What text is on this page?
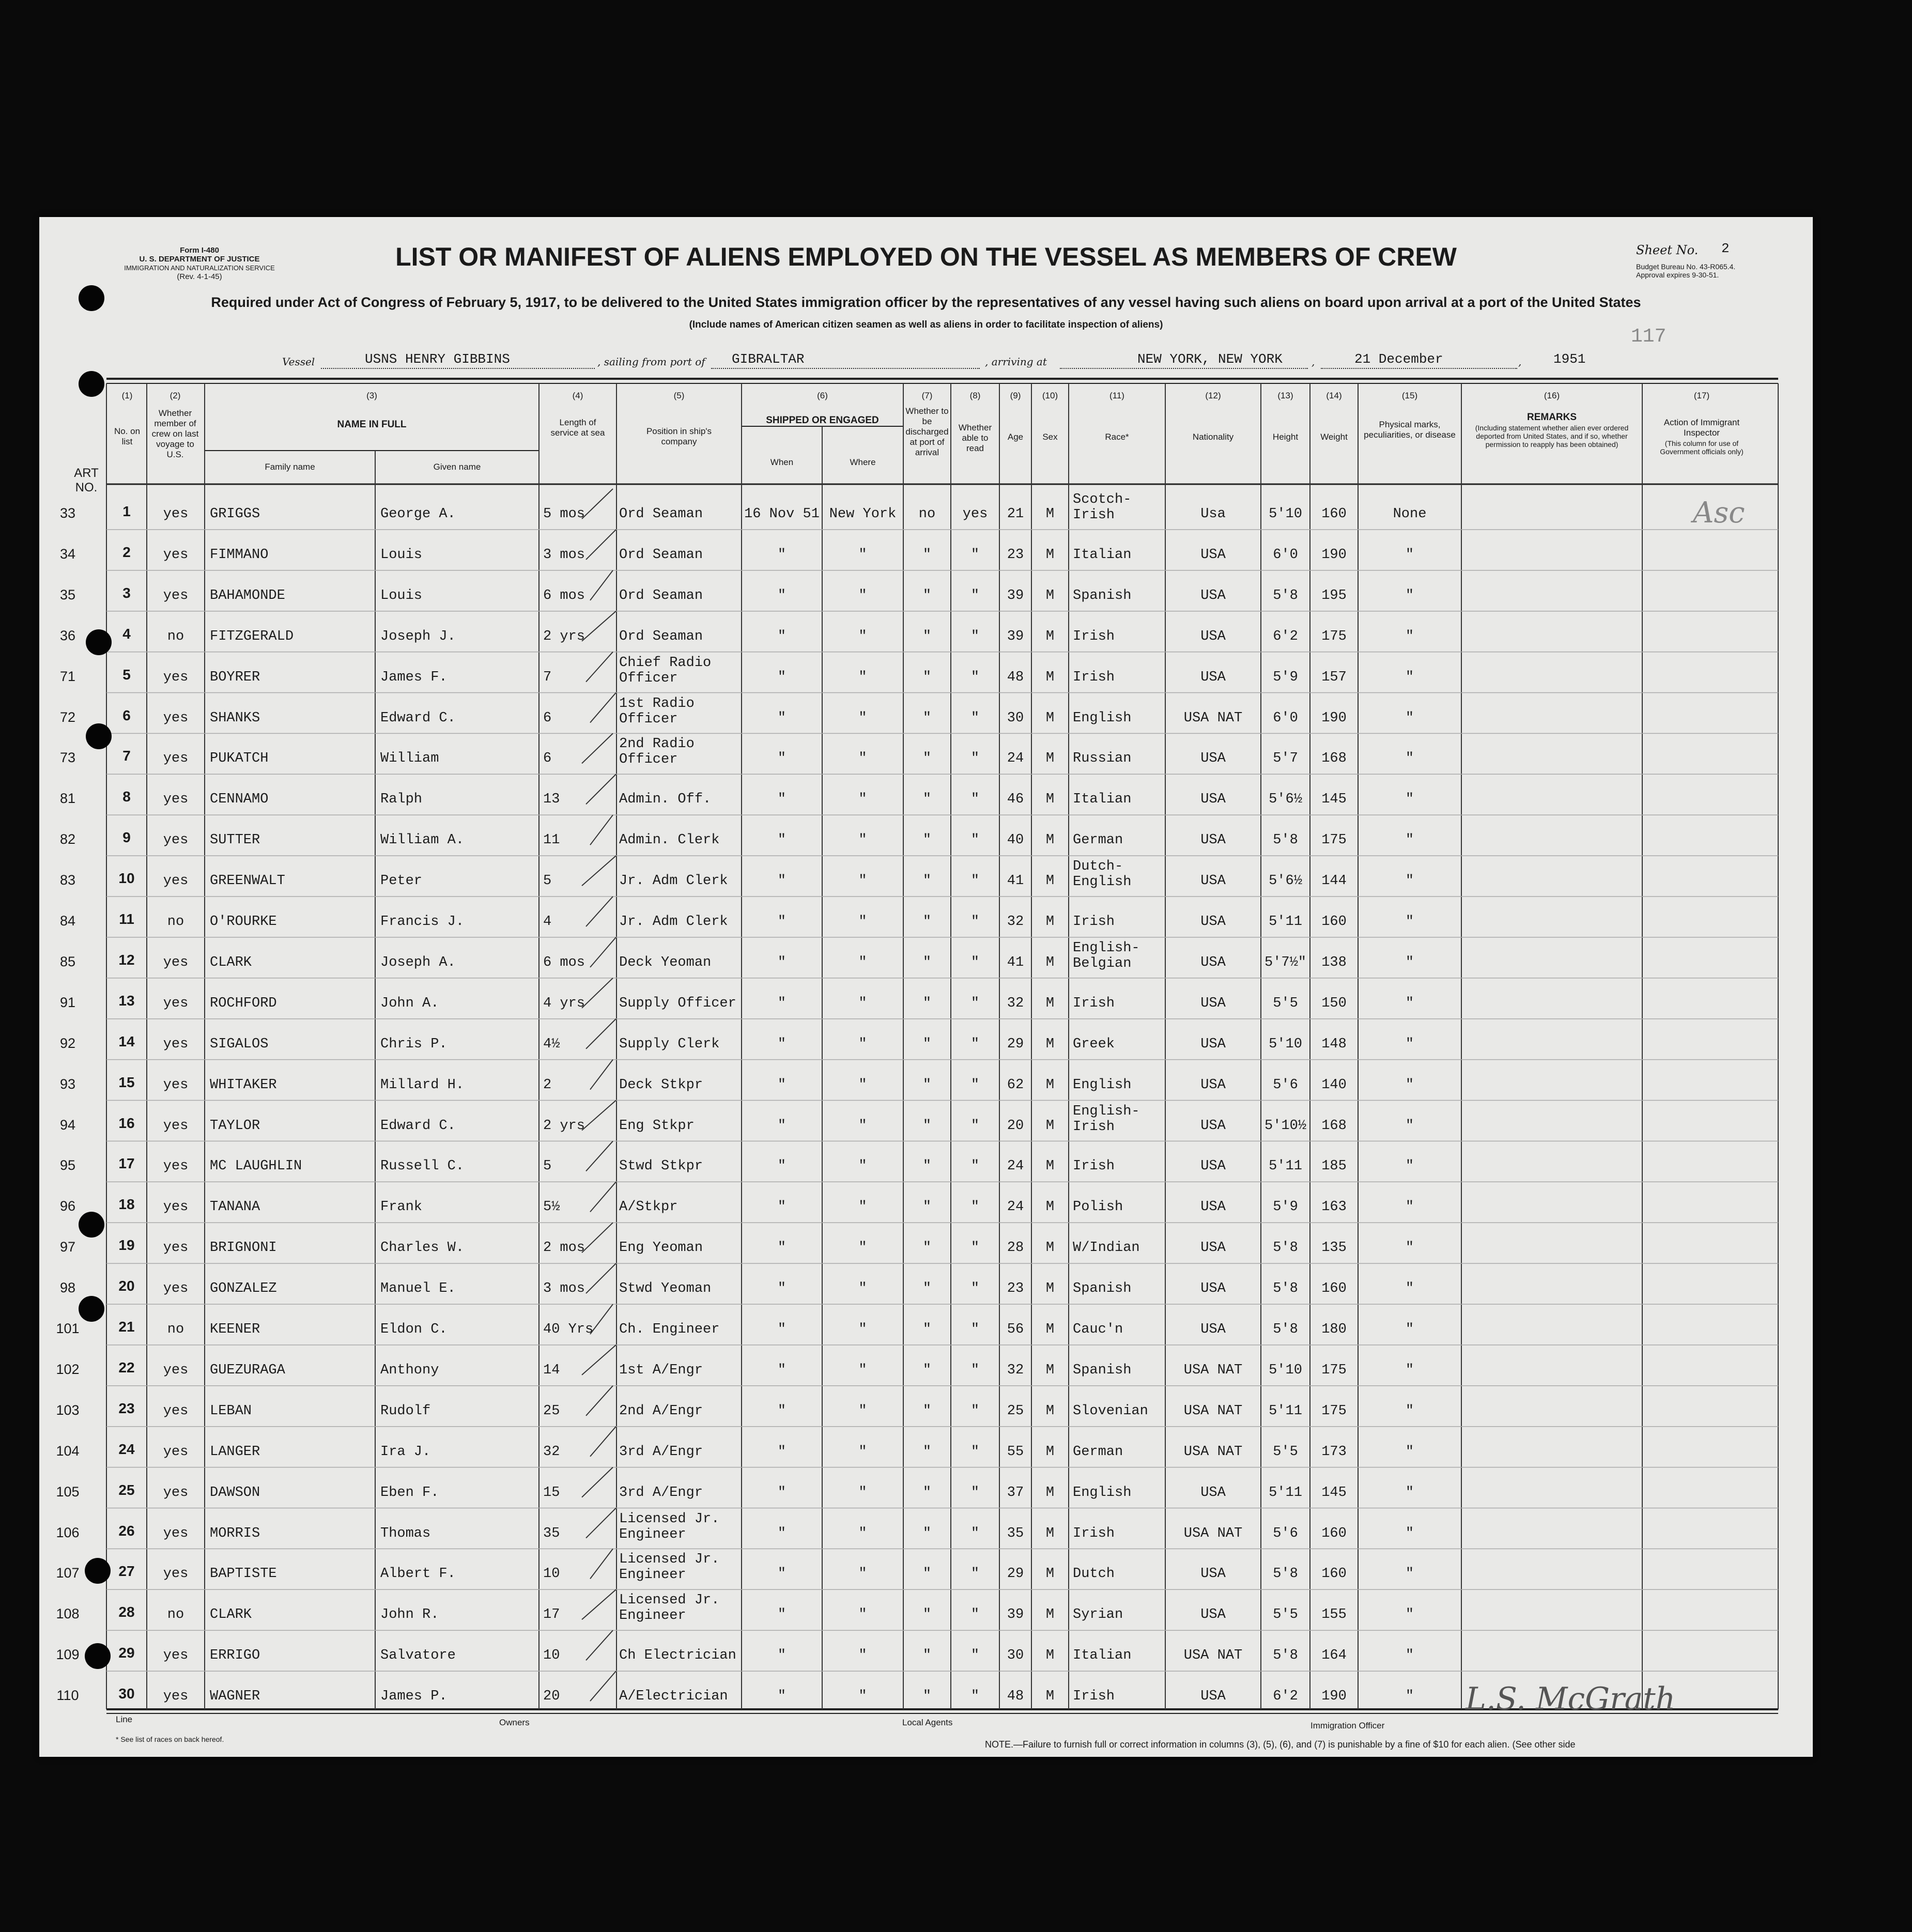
Form I-480
U. S. DEPARTMENT OF JUSTICE
IMMIGRATION AND NATURALIZATION SERVICE
(Rev. 4-1-45)
LIST OR MANIFEST OF ALIENS EMPLOYED ON THE VESSEL AS MEMBERS OF CREW
Required under Act of Congress of February 5, 1917, to be delivered to the United States immigration officer by the representatives of any vessel having such aliens on board upon arrival at a port of the United States
(Include names of American citizen seamen as well as aliens in order to facilitate inspection of aliens)
Sheet No. 2
Budget Bureau No. 43-R065.4.
Approval expires 9-30-51.
117
Vessel	USNS HENRY GIBBINS	, sailing from port of GIBRALTAR	, arriving at	NEW YORK, NEW YORK	,	21 December	, 1951
(1)
No. on list
(2)
Whether member of crew on last voyage to U.S.
(3)
NAME IN FULL
Family name	Given name
(4)
Length of service at sea
(5)
Position in ship's company
(6)
SHIPPED OR ENGAGED
When	Where
(7)
Whether to be discharged at port of arrival
(8)
Whether able to read
(9)
Age
(10)
Sex
(11)
Race*
(12)
Nationality
(13)
Height
(14)
Weight
(15)
Physical marks, peculiarities, or disease
(16)
REMARKS
(Including statement whether alien ever ordered deported from United States, and if so, whether permission to reapply has been obtained)
(17)
Action of Immigrant Inspector
(This column for use of Government officials only)
ART NO.
33	1	yes	GRIGGS	George A.	5 mos	Ord Seaman	16 Nov 51 New York	no	yes	21	M
Scotch-
Irish	Usa	5'10	160	None
34	2	yes	FIMMANO	Louis	3 mos	Ord Seaman	"	"	"	"	23	M	Italian	USA	6'0	190	"
35	3	yes	BAHAMONDE	Louis	6 mos	Ord Seaman	"	"	"	"	39	M	Spanish	USA	5'8	195	"
36	4	no	FITZGERALD	Joseph J.	2 yrs	Ord Seaman	"	"	"	"	39	M	Irish	USA	6'2	175	"
71	5	yes	BOYRER	James F.	7
Chief Radio
Officer	"	"	"	"	48	M	Irish	USA	5'9	157	"
72	6	yes	SHANKS	Edward C.	6
1st Radio
Officer	"	"	"	"	30	M	English	USA NAT	6'0	190	"
73	7	yes	PUKATCH	William	6
2nd Radio
Officer	"	"	"	"	24	M	Russian	USA	5'7	168	"
81	8	yes	CENNAMO	Ralph	13	Admin. Off.	"	"	"	"	46	M	Italian	USA	5'6½	145	"
82	9	yes	SUTTER	William A.	11	Admin. Clerk	"	"	"	"	40	M	German	USA	5'8	175	"
83	10	yes	GREENWALT	Peter	5	Jr. Adm Clerk	"	"	"	"	41	M
Dutch-
English	USA	5'6½	144	"
84	11	no	O'ROURKE	Francis J.	4	Jr. Adm Clerk	"	"	"	"	32	M	Irish	USA	5'11	160	"
85	12	yes	CLARK	Joseph A.	6 mos	Deck Yeoman	"	"	"	"	41	M
English-
Belgian	USA	5'7½"	138	"
91	13	yes	ROCHFORD	John A.	4 yrs	Supply Officer	"	"	"	"	32	M	Irish	USA	5'5	150	"
92	14	yes	SIGALOS	Chris P.	4½	Supply Clerk	"	"	"	"	29	M	Greek	USA	5'10	148	"
93	15	yes	WHITAKER	Millard H.	2	Deck Stkpr	"	"	"	"	62	M	English	USA	5'6	140	"
94	16	yes	TAYLOR	Edward C.	2 yrs	Eng Stkpr	"	"	"	"	20	M
English-
Irish	USA	5'10½	168	"
95	17	yes	MC LAUGHLIN	Russell C.	5	Stwd Stkpr	"	"	"	"	24	M	Irish	USA	5'11	185	"
96	18	yes	TANANA	Frank	5½	A/Stkpr	"	"	"	"	24	M	Polish	USA	5'9	163	"
97	19	yes	BRIGNONI	Charles W.	2 mos	Eng Yeoman	"	"	"	"	28	M	W/Indian	USA	5'8	135	"
98	20	yes	GONZALEZ	Manuel E.	3 mos	Stwd Yeoman	"	"	"	"	23	M	Spanish	USA	5'8	160	"
101	21	no	KEENER	Eldon C.	40 Yrs	Ch. Engineer	"	"	"	"	56	M	Cauc'n	USA	5'8	180	"
102	22	yes	GUEZURAGA	Anthony	14	1st A/Engr	"	"	"	"	32	M	Spanish	USA NAT	5'10	175	"
103	23	yes	LEBAN	Rudolf	25	2nd A/Engr	"	"	"	"	25	M	Slovenian	USA NAT	5'11	175	"
104	24	yes	LANGER	Ira J.	32	3rd A/Engr	"	"	"	"	55	M	German	USA NAT	5'5	173	"
105	25	yes	DAWSON	Eben F.	15	3rd A/Engr	"	"	"	"	37	M	English	USA	5'11	145	"
106	26	yes	MORRIS	Thomas	35
Licensed Jr.
Engineer	"	"	"	"	35	M	Irish	USA NAT	5'6	160	"
107	27	yes	BAPTISTE	Albert F.	10
Licensed Jr.
Engineer	"	"	"	"	29	M	Dutch	USA	5'8	160	"
108	28	no	CLARK	John R.	17
Licensed Jr.
Engineer	"	"	"	"	39	M	Syrian	USA	5'5	155	"
109	29	yes	ERRIGO	Salvatore	10	Ch Electrician	"	"	"	"	30	M	Italian	USA NAT	5'8	164	"
110	30	yes	WAGNER	James P.	20	A/Electrician	"	"	"	"	48	M	Irish	USA	6'2	190	"
Asc
L.S. McGrath
Line	Owners	Local Agents	Immigration Officer
* See list of races on back hereof.	NOTE.—Failure to furnish full or correct information in columns (3), (5), (6), and (7) is punishable by a fine of $10 for each alien. (See other side
